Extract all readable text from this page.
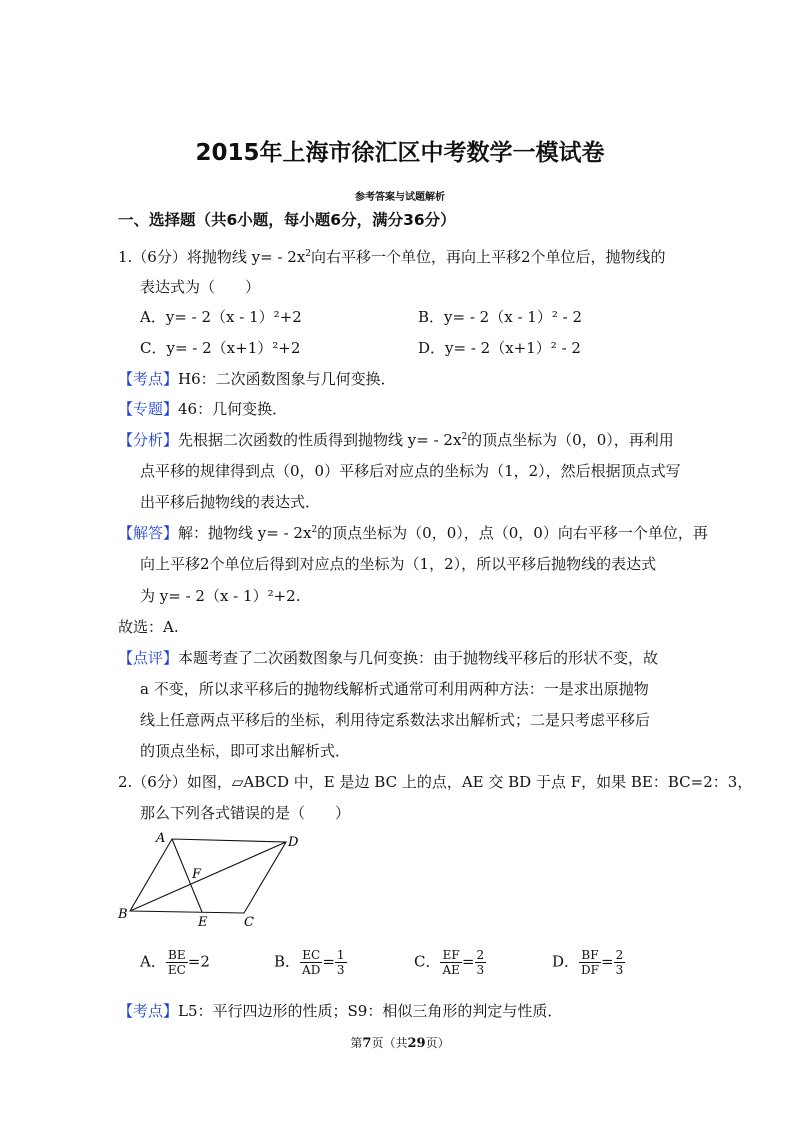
2015年上海市徐汇区中考数学一模试卷
参考答案与试题解析
一、选择题（共6小题，每小题6分，满分36分）
1.（6分）将抛物线 $y= - 2x^2$向右平移一个单位，再向上平移2个单位后，抛物线的
表达式为（　　）
A．y= - 2（x - 1）²+2	B．y= - 2（x - 1）² - 2
C．y= - 2（x+1）²+2	D．y= - 2（x+1）² - 2
【考点】H6：二次函数图象与几何变换．
【专题】46：几何变换．
【分析】先根据二次函数的性质得到抛物线 $y= - 2x^2$的顶点坐标为（0，0），再利用
点平移的规律得到点（0，0）平移后对应点的坐标为（1，2），然后根据顶点式写
出平移后抛物线的表达式．
【解答】解：抛物线 $y= - 2x^2$的顶点坐标为（0，0），点（0，0）向右平移一个单位，再
向上平移2个单位后得到对应点的坐标为（1，2），所以平移后抛物线的表达式
为 y= - 2（x - 1）²+2.
故选：A.
【点评】本题考查了二次函数图象与几何变换：由于抛物线平移后的形状不变，故
a 不变，所以求平移后的抛物线解析式通常可利用两种方法：一是求出原抛物
线上任意两点平移后的坐标，利用待定系数法求出解析式；二是只考虑平移后
的顶点坐标，即可求出解析式．
2.（6分）如图，▱ABCD 中，E 是边 BC 上的点，AE 交 BD 于点 F，如果 BE：BC=2：3，
那么下列各式错误的是（　　）
A	D
B
C
E
F
A． $\frac{BE}{EC} =2$	B． $\frac{EC}{AD} = \frac{1}{3}$	C． $\frac{EF}{AE} = \frac{2}{3}$	D． $\frac{BF}{DF} = \frac{2}{3}$
【考点】L5：平行四边形的性质；S9：相似三角形的判定与性质．
第7页（共29页）
